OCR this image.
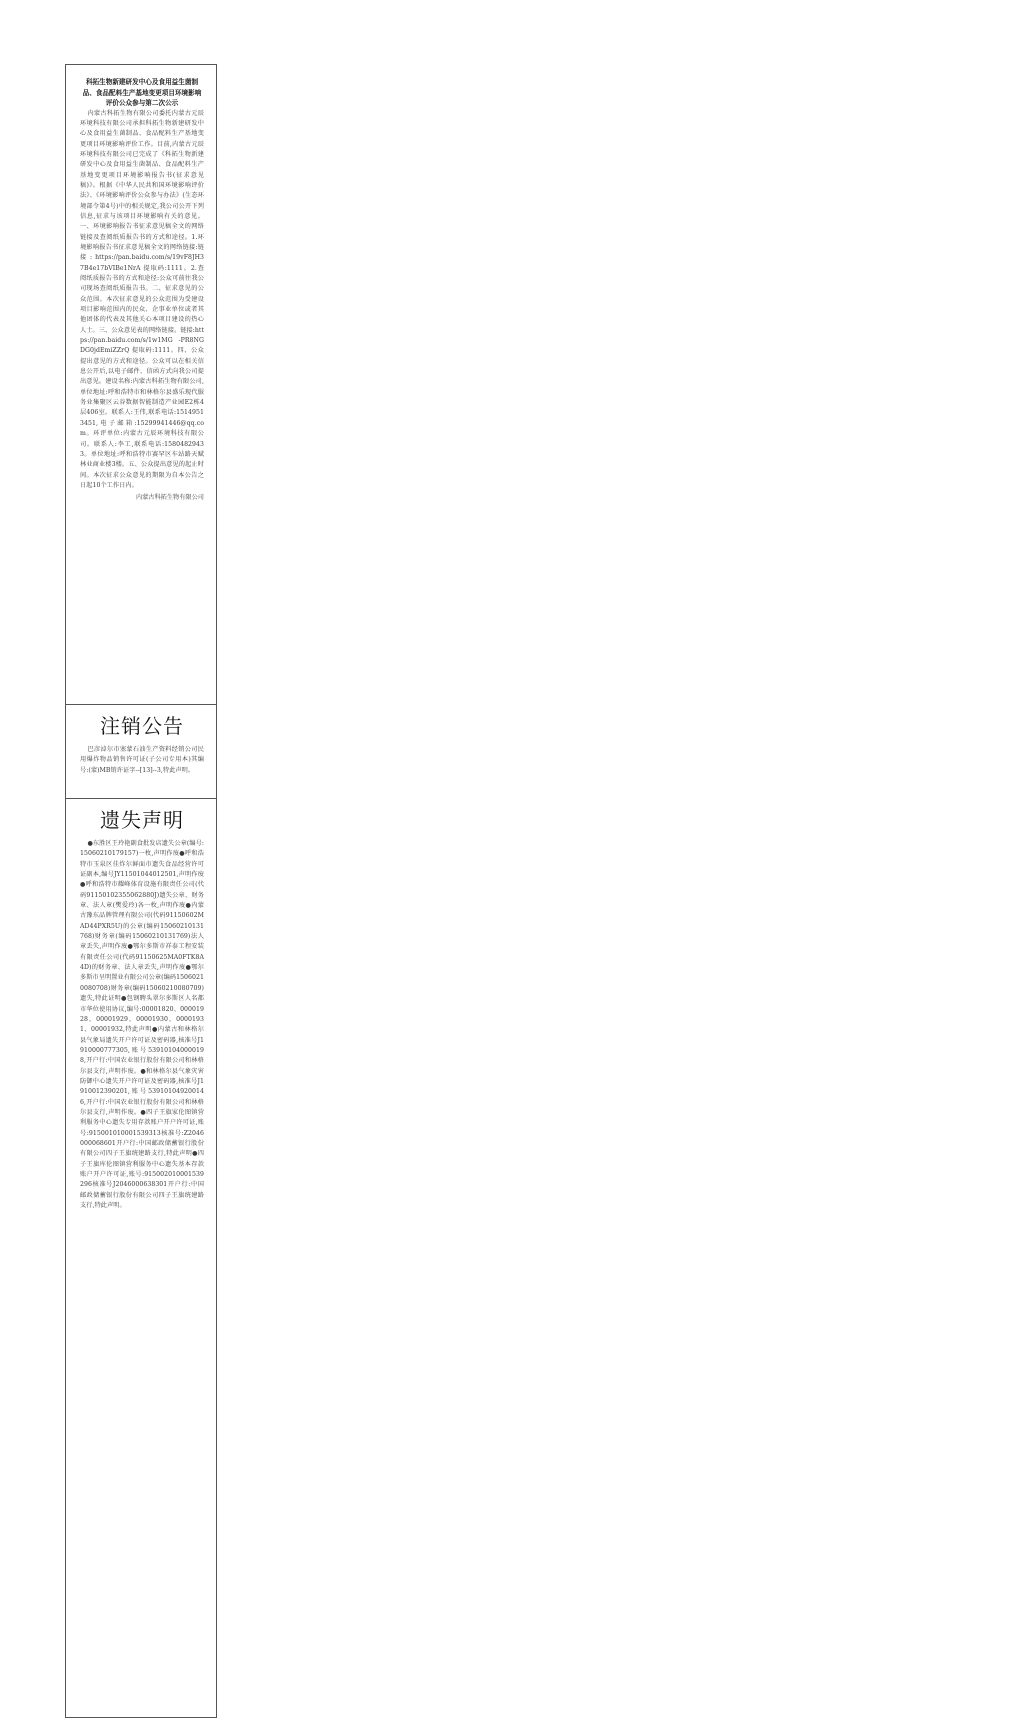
科拓生物新建研发中心及食用益生菌制品、食品配料生产基地变更项目环境影响评价公众参与第二次公示

内蒙古科拓生物有限公司委托内蒙古元辰环境科技有限公司承担科拓生物新建研发中心及食用益生菌制品、食品配料生产基地变更项目环境影响评价工作。目前,内蒙古元辰环境科技有限公司已完成了《科拓生物新建研发中心及食用益生菌制品、食品配料生产基地变更项目环境影响报告书(征求意见稿)》。根据《中华人民共和国环境影响评价法》、《环境影响评价公众参与办法》(生态环境部令第4号)中的相关规定,我公司公开下列信息,征求与该项目环境影响有关的意见。一、环境影响报告书征求意见稿全文的网络链接及查阅纸质报告书的方式和途径。1.环境影响报告书征求意见稿全文的网络链接:链 接 : https://pan.baidu.com/s/19vF8JH37B4e17bVIBe1NrA 提取码:1111。2.查阅纸质报告书的方式和途径:公众可前往我公司现场查阅纸质报告书。二、征求意见的公众范围。本次征求意见的公众范围为受建设项目影响范围内的民众、企事业单位或者其他团体的代表及其他关心本项目建设的热心人士。三、公众意见表的网络链接。链接:https://pan.baidu.com/s/1w1MG -PR8NGDG0jdEmiZZrQ 提取码:1111。四、公众提出意见的方式和途径。公众可以在相关信息公开后,以电子邮件、信函方式向我公司提出意见。建设名称:内蒙古科拓生物有限公司,单位地址:呼和浩特市和林格尔县盛乐现代服务业集聚区云谷数据智能制造产业园E2栋4层406室。联系人:王伟,联系电话:15149513451,电子邮箱:15299941446@qq.com。环评单位:内蒙古元辰环境科技有限公司。联系人:李工,联系电话:15804829433。单位地址:呼和浩特市赛罕区车站路天赋林业商业楼3楼。五、公众提出意见的起止时间。本次征求公众意见的期限为自本公告之日起10个工作日内。

内蒙古科拓生物有限公司

注销公告

巴彦淖尔市塞蒙石油生产资料经销公司民用爆炸物品销售许可证(子公司专用本)其编号:(蒙)MB销许证字--[13]--3,特此声明。

遗失声明

●东胜区王玲艳副食批发店遗失公章(编号:15060210179157)一枚,声明作废●呼和浩特市玉泉区佳炸尔鲜面市遗失食品经营许可证副本,编号JY11501044012501,声明作废●呼和浩特市耀峰体育设施有限责任公司(代码91150102355062880J)遗失公章、财务章、法人章(樊爱玲)各一枚,声明作废●内蒙古豫东品牌管理有限公司(代码91150602MAD44PXR5U)的公章(编码15060210131768)财务章(编码15060210131769)法人章丢失,声明作废●鄂尔多斯市祥泰工程安装有限责任公司(代码91150625MA0FTK8A4D)的财务章、法人章丢失,声明作废●鄂尔多斯市呈明置业有限公司公章(编码15060210080708)财务章(编码15060210080709)遗失,特此证明●包钢聘头翠尔多斯区人名都市华位使用协议,编号:00001820、00001928、00001929、00001930、00001931、00001932,特此声明●内蒙古和林格尔县气象局遗失开户许可证及密码器,核准号J1910000777305,账号539101040000198,开户行:中国农业银行股份有限公司和林格尔县支行,声明作废。●和林格尔县气象灾害防御中心遗失开户许可证及密码器,核准号J1910012390201,账号539101049200146,开户行:中国农业银行股份有限公司和林格尔县支行,声明作废。●四子王旗家伦图镇营利服务中心遗失专用存款账户开户许可证,账号:915001010001539313核准号:Z2046000068601开户行:中国邮政储蓄银行股份有限公司四子王旗统建路支行,特此声明●四子王旗库伦图镇营利服务中心遗失基本存款账户开户许可证,账号:915002010001539296核准号J2046000638301开户行:中国邮政储蓄银行股份有限公司四子王旗统建路支行,特此声明。
